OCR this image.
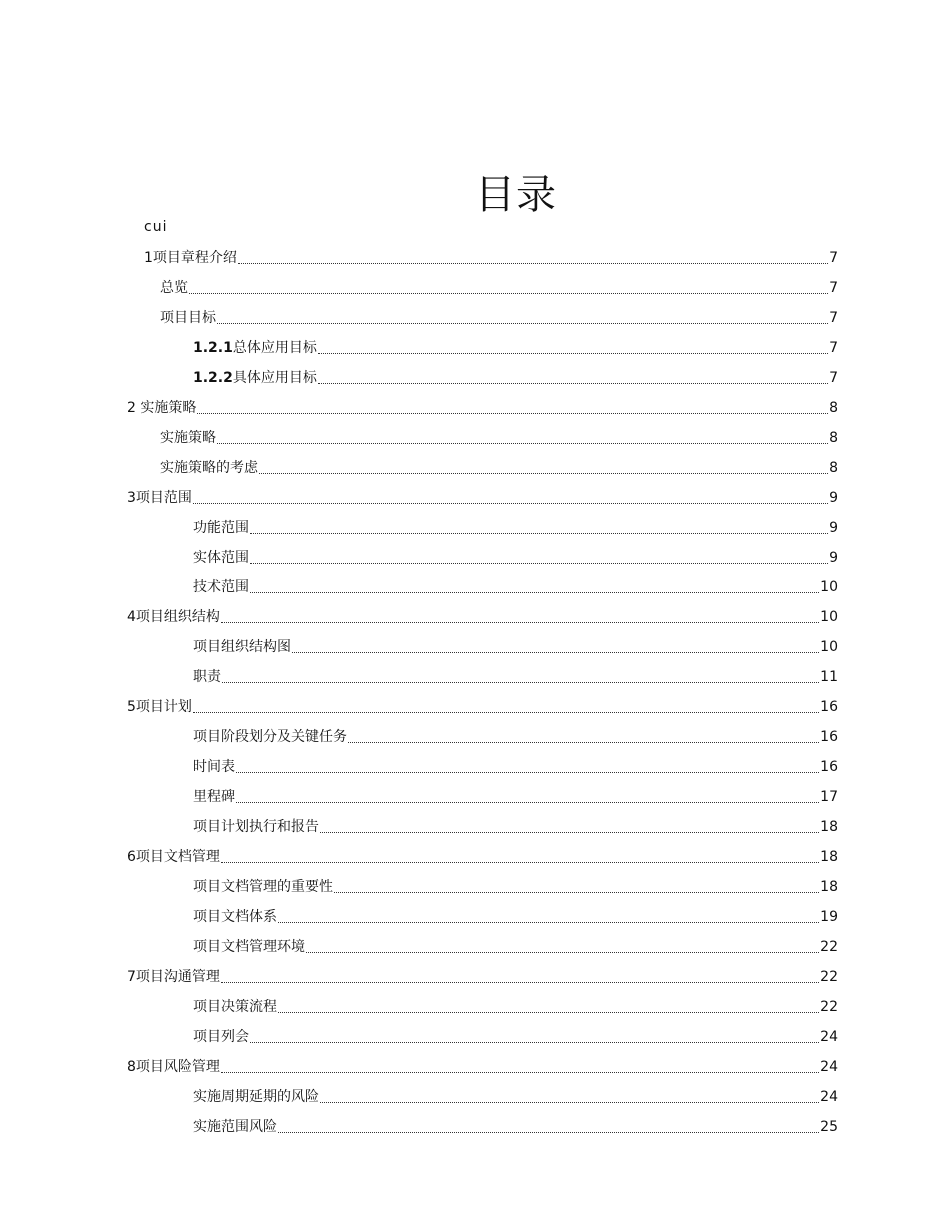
目录
cui
1项目章程介绍	7
总览	7
项目目标	7
1.2.1总体应用目标	7
1.2.2具体应用目标	7
2 实施策略	8
实施策略	8
实施策略的考虑	8
3项目范围	9
功能范围	9
实体范围	9
技术范围	10
4项目组织结构	10
项目组织结构图	10
职责	11
5项目计划	16
项目阶段划分及关键任务	16
时间表	16
里程碑	17
项目计划执行和报告	18
6项目文档管理	18
项目文档管理的重要性	18
项目文档体系	19
项目文档管理环境	22
7项目沟通管理	22
项目决策流程	22
项目列会	24
8项目风险管理	24
实施周期延期的风险	24
实施范围风险	25
